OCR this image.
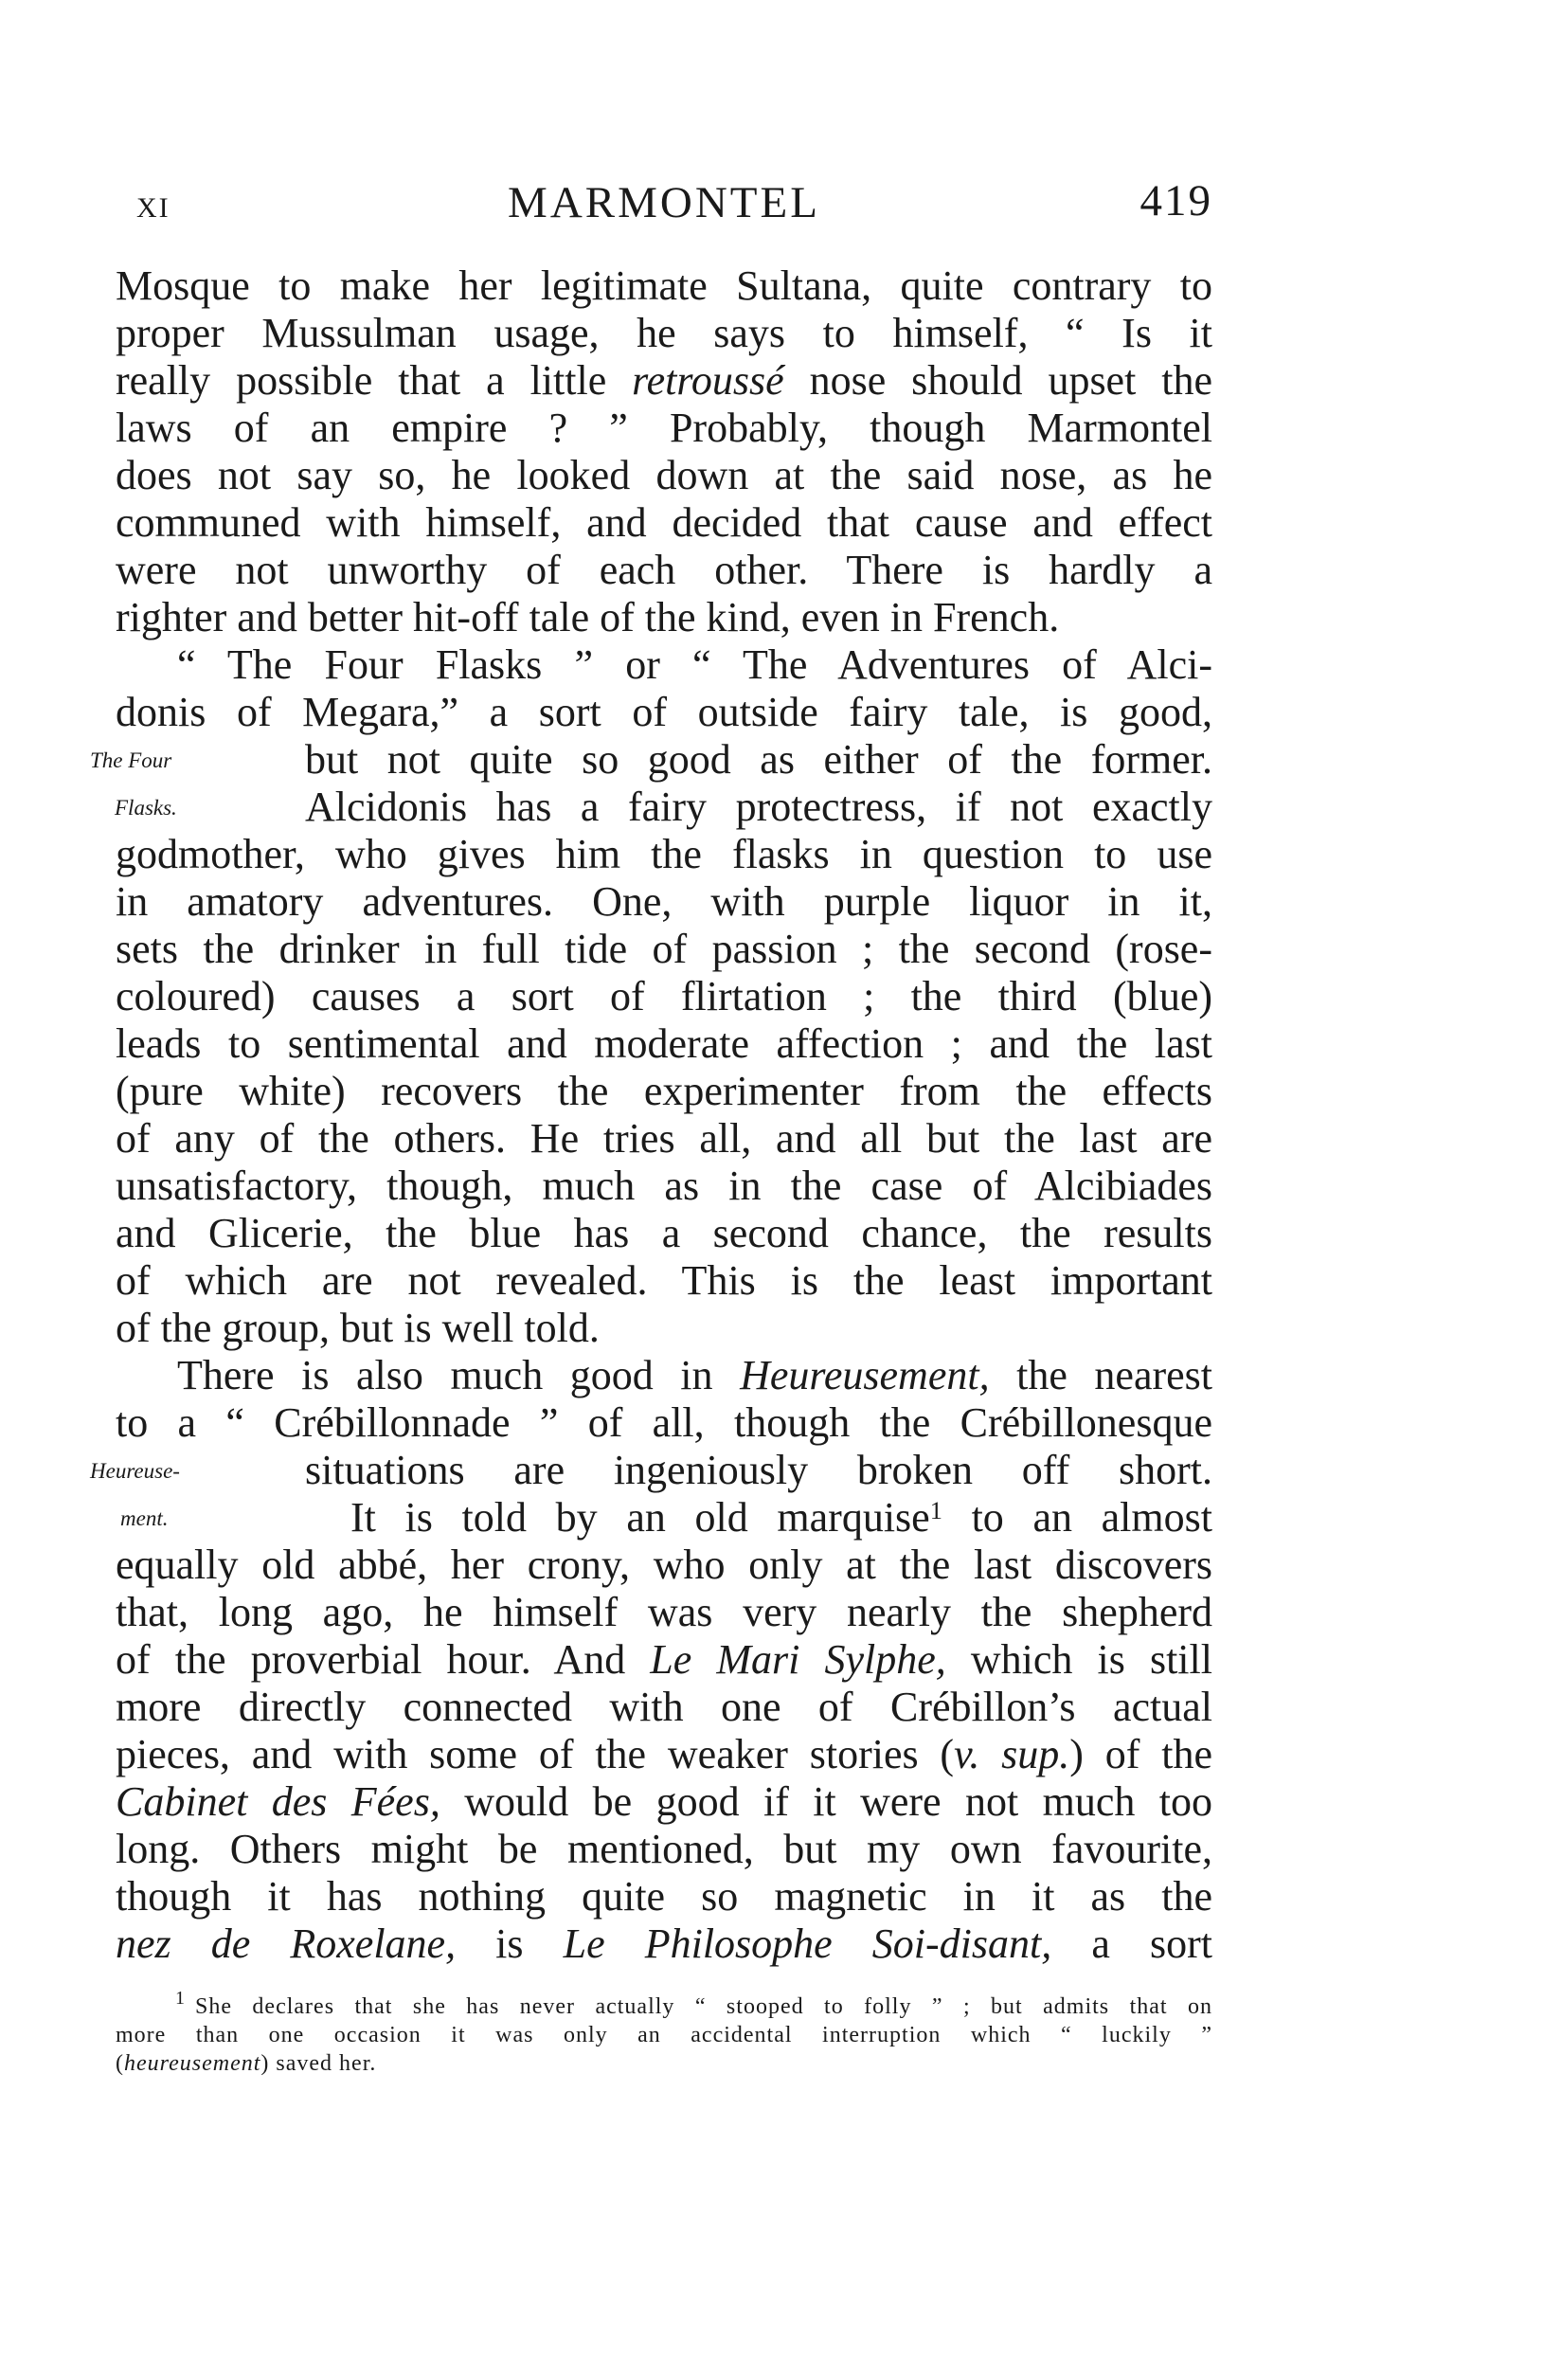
XI	MARMONTEL	419
Mosque to make her legitimate Sultana, quite contrary to
proper Mussulman usage, he says to himself, “ Is it
really possible that a little retroussé nose should upset the
laws of an empire ? ” Probably, though Marmontel
does not say so, he looked down at the said nose, as he
communed with himself, and decided that cause and effect
were not unworthy of each other. There is hardly a
righter and better hit-off tale of the kind, even in French.
“ The Four Flasks ” or “ The Adventures of Alci-
donis of Megara,” a sort of outside fairy tale, is good,
but not quite so good as either of the former.
Alcidonis has a fairy protectress, if not exactly
godmother, who gives him the flasks in question to use
in amatory adventures. One, with purple liquor in it,
sets the drinker in full tide of passion ; the second (rose-
coloured) causes a sort of flirtation ; the third (blue)
leads to sentimental and moderate affection ; and the last
(pure white) recovers the experimenter from the effects
of any of the others. He tries all, and all but the last are
unsatisfactory, though, much as in the case of Alcibiades
and Glicerie, the blue has a second chance, the results
of which are not revealed. This is the least important
of the group, but is well told.
There is also much good in Heureusement, the nearest
to a “ Crébillonnade ” of all, though the Crébillonesque
situations are ingeniously broken off short.
It is told by an old marquise$^1$ to an almost
equally old abbé, her crony, who only at the last discovers
that, long ago, he himself was very nearly the shepherd
of the proverbial hour. And Le Mari Sylphe, which is still
more directly connected with one of Crébillon’s actual
pieces, and with some of the weaker stories (v. sup.) of the
Cabinet des Fées, would be good if it were not much too
long. Others might be mentioned, but my own favourite,
though it has nothing quite so magnetic in it as the
nez de Roxelane, is Le Philosophe Soi-disant, a sort
The Four
Flasks.
Heureuse-
ment.
$^1$ She declares that she has never actually “ stooped to folly ” ; but admits that on
more than one occasion it was only an accidental interruption which “ luckily ”
(heureusement) saved her.
